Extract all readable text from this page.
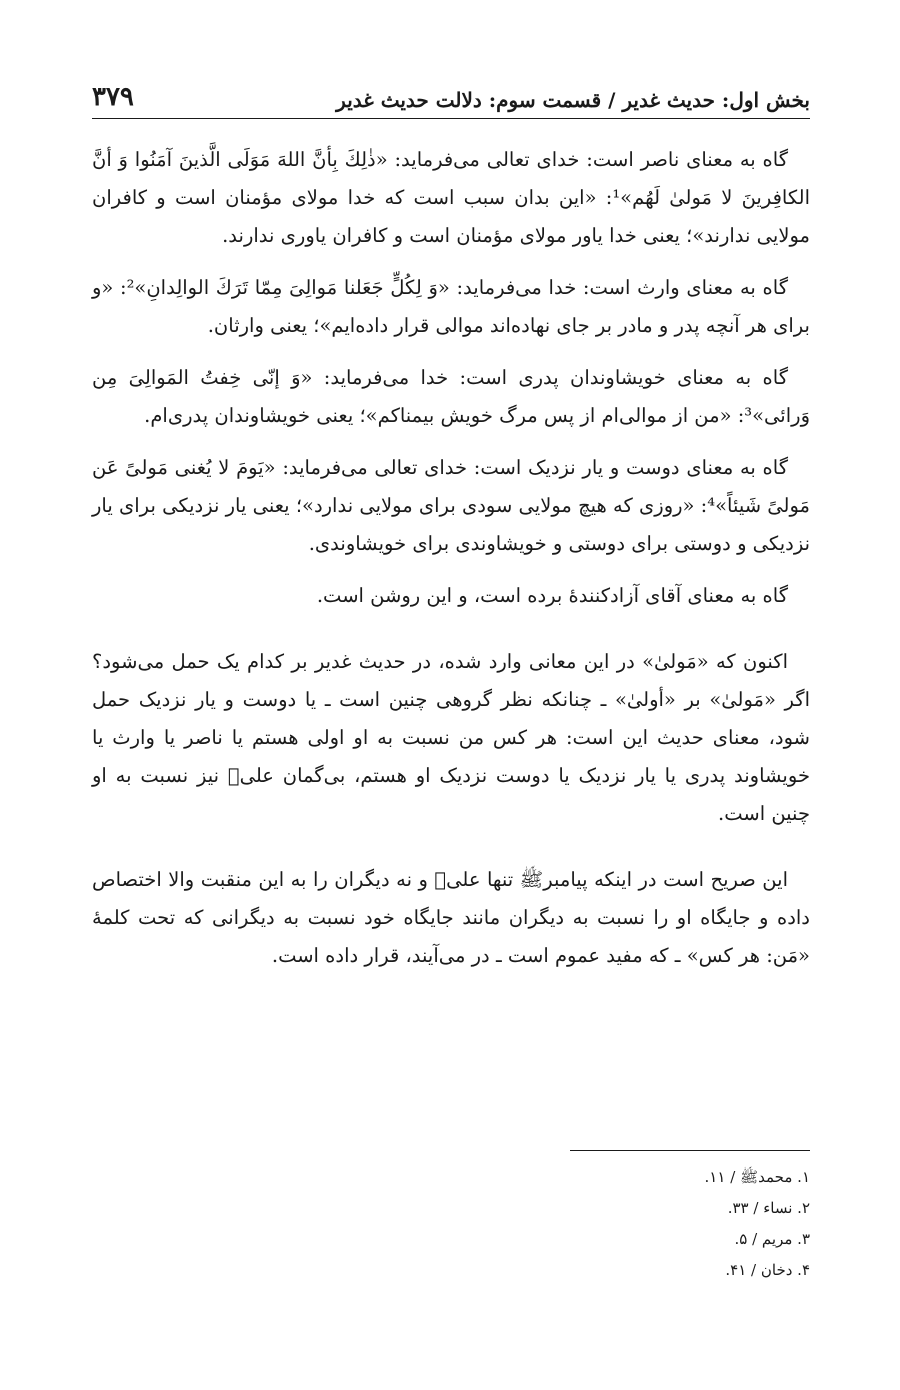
بخش اول: حدیث غدیر / قسمت سوم: دلالت حدیث غدیر
۳۷۹

گاه به معنای ناصر است: خدای تعالی می‌فرماید: «ذٰلِكَ بِأنَّ اللهَ مَوَلَی الَّذینَ آمَنُوا وَ أنَّ الکافِرینَ لا مَولیٰ لَهُم»¹: «این بدان سبب است که خدا مولای مؤمنان است و کافران مولایی ندارند»؛ یعنی خدا یاور مولای مؤمنان است و کافران یاوری ندارند.

گاه به معنای وارث است: خدا می‌فرماید: «وَ لِکُلٍّ جَعَلنا مَوالِیَ مِمّا تَرَكَ الوالِدانِ»²: «و برای هر آنچه پدر و مادر بر جای نهاده‌اند موالی قرار داده‌ایم»؛ یعنی وارثان.

گاه به معنای خویشاوندان پدری است: خدا می‌فرماید: «وَ إنّی خِفتُ المَوالِیَ مِن وَرائی»³: «من از موالی‌ام از پس مرگ خویش بیمناکم»؛ یعنی خویشاوندان پدری‌ام.

گاه به معنای دوست و یار نزدیک است: خدای تعالی می‌فرماید: «یَومَ لا یُغنی مَولیً عَن مَولیً شَیئاً»⁴: «روزی که هیچ مولایی سودی برای مولایی ندارد»؛ یعنی یار نزدیکی برای یار نزدیکی و دوستی برای دوستی و خویشاوندی برای خویشاوندی.

گاه به معنای آقای آزادکنندهٔ برده است، و این روشن است.

اکنون که «مَولیٰ» در این معانی وارد شده، در حدیث غدیر بر کدام یک حمل می‌شود؟ اگر «مَولیٰ» بر «أولیٰ» ـ چنانکه نظر گروهی چنین است ـ یا دوست و یار نزدیک حمل شود، معنای حدیث این است: هر کس من نسبت به او اولی هستم یا ناصر یا وارث یا خویشاوند پدری یا یار نزدیک یا دوست نزدیک او هستم، بی‌گمان علی﷣ نیز نسبت به او چنین است.

این صریح است در اینکه پیامبرﷺ تنها علی﷣ و نه دیگران را به این منقبت والا اختصاص داده و جایگاه او را نسبت به دیگران مانند جایگاه خود نسبت به دیگرانی که تحت کلمهٔ «مَن: هر کس» ـ که مفید عموم است ـ در می‌آیند، قرار داده است.

۱. محمدﷺ / ۱۱.
۲. نساء / ۳۳.
۳. مریم / ۵.
۴. دخان / ۴۱.
